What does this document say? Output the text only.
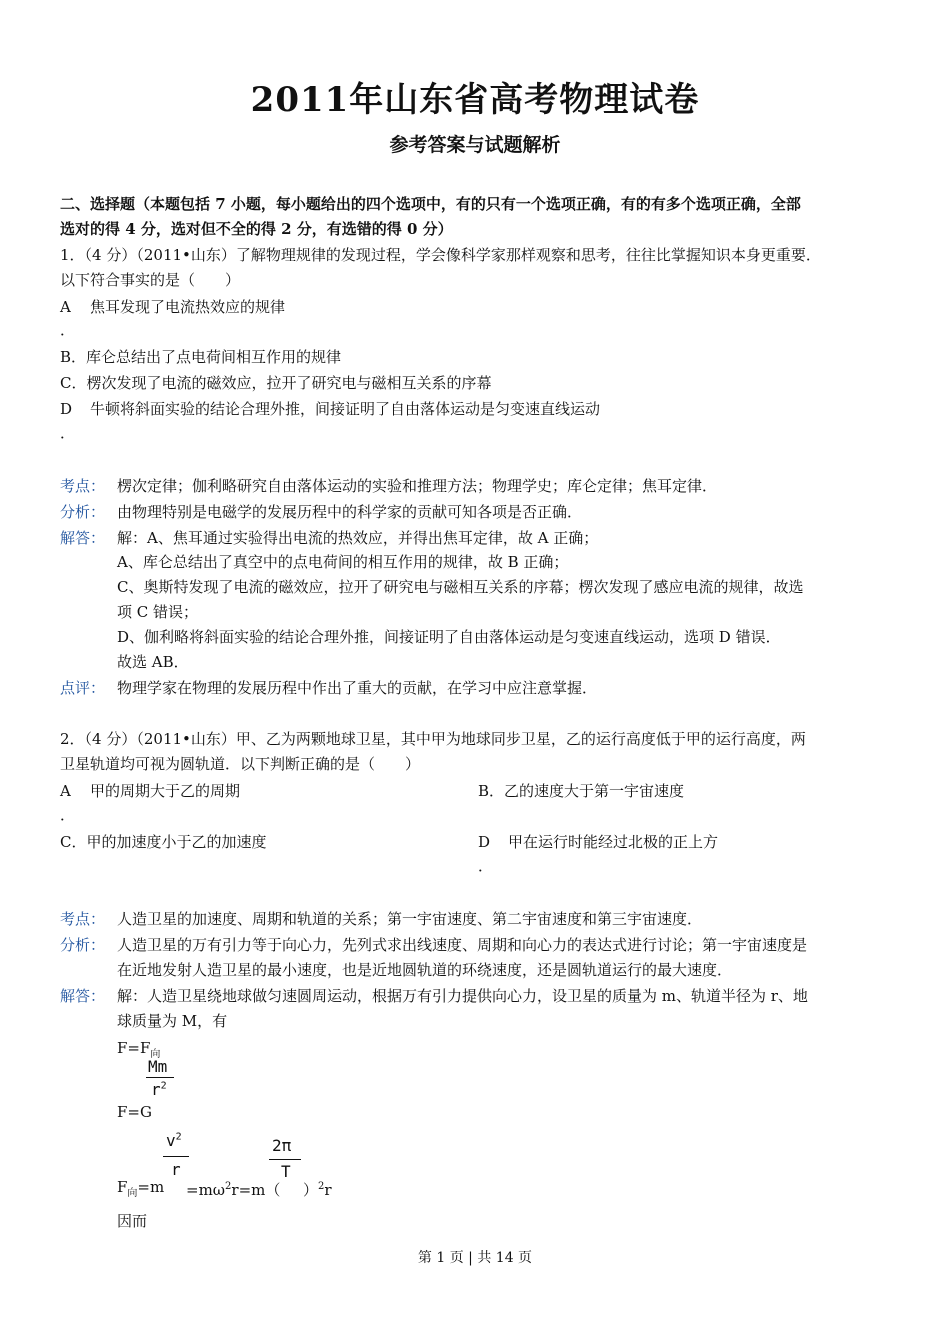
2011年山东省高考物理试卷
参考答案与试题解析
二、选择题（本题包括 7 小题，每小题给出的四个选项中，有的只有一个选项正确，有的有多个选项正确，全部
选对的得 4 分，选对但不全的得 2 分，有选错的得 0 分）
1．（4 分）（2011•山东）了解物理规律的发现过程，学会像科学家那样观察和思考，往往比掌握知识本身更重要．
以下符合事实的是（　　）
A 焦耳发现了电流热效应的规律
．
B．库仑总结出了点电荷间相互作用的规律
C．楞次发现了电流的磁效应，拉开了研究电与磁相互关系的序幕
D 牛顿将斜面实验的结论合理外推，间接证明了自由落体运动是匀变速直线运动
．
考点： 楞次定律；伽利略研究自由落体运动的实验和推理方法；物理学史；库仑定律；焦耳定律．
分析： 由物理特别是电磁学的发展历程中的科学家的贡献可知各项是否正确．
解答： 解：A、焦耳通过实验得出电流的热效应，并得出焦耳定律，故 A 正确；
A、库仑总结出了真空中的点电荷间的相互作用的规律，故 B 正确；
C、奥斯特发现了电流的磁效应，拉开了研究电与磁相互关系的序幕；楞次发现了感应电流的规律，故选
项 C 错误；
D、伽利略将斜面实验的结论合理外推，间接证明了自由落体运动是匀变速直线运动，选项 D 错误．
故选 AB．
点评： 物理学家在物理的发展历程中作出了重大的贡献，在学习中应注意掌握．
2．（4 分）（2011•山东）甲、乙为两颗地球卫星，其中甲为地球同步卫星，乙的运行高度低于甲的运行高度，两
卫星轨道均可视为圆轨道．以下判断正确的是（　　）
A 甲的周期大于乙的周期
．
B．乙的速度大于第一宇宙速度
C．甲的加速度小于乙的加速度	D 甲在运行时能经过北极的正上方
．
考点： 人造卫星的加速度、周期和轨道的关系；第一宇宙速度、第二宇宙速度和第三宇宙速度．
分析： 人造卫星的万有引力等于向心力，先列式求出线速度、周期和向心力的表达式进行讨论；第一宇宙速度是
在近地发射人造卫星的最小速度，也是近地圆轨道的环绕速度，还是圆轨道运行的最大速度．
解答： 解：人造卫星绕地球做匀速圆周运动，根据万有引力提供向心力，设卫星的质量为 m、轨道半径为 r、地
球质量为 M，有
$F=F_向$
Mm
$r^2$
F=G
$v^2$
r
2π
T
$F_向=m =m\omega^2r=m$（ ）$^2$r
因而
第 1 页 | 共 14 页
